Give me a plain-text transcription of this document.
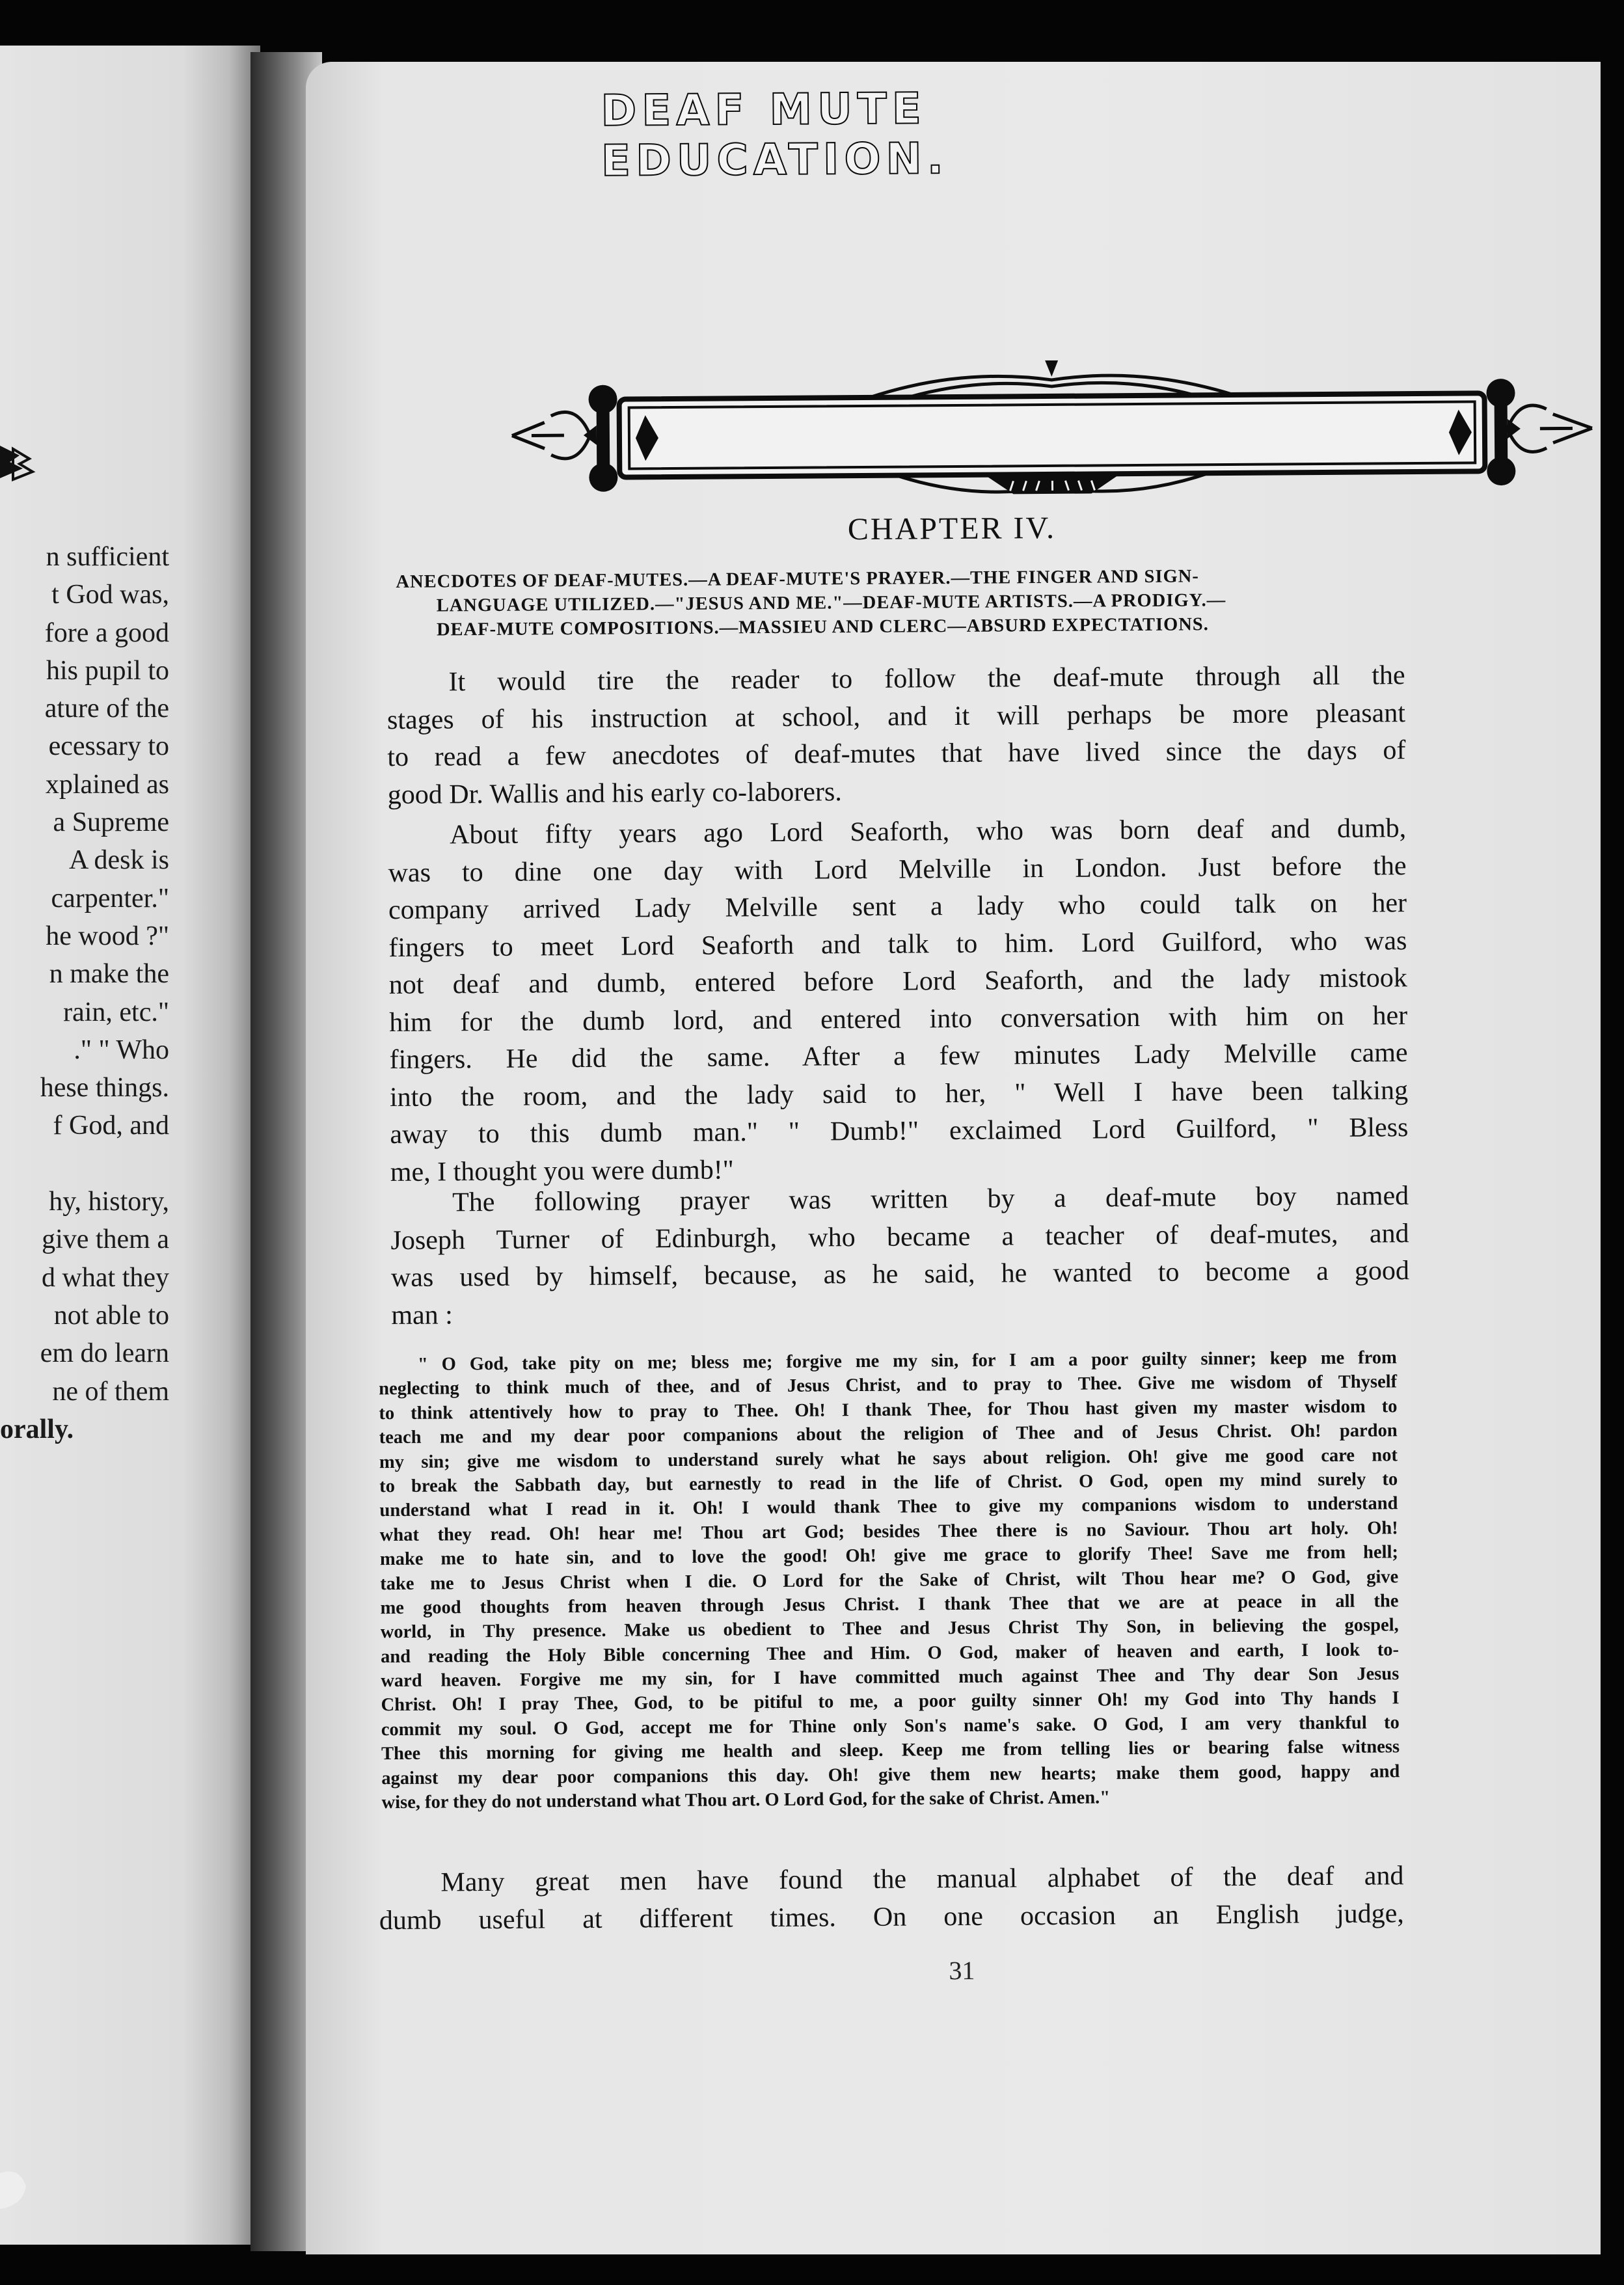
n sufficient
t God was,
fore a good
his pupil to
ature of the
ecessary to
xplained as
a Supreme
A desk is
carpenter."
he wood ?"
n make the
rain, etc."
." " Who
hese things.
f God, and
hy, history,
give them a
d what they
not able to
em do learn
ne of them
orally.
DEAF MUTE EDUCATION.
CHAPTER IV.
ANECDOTES OF DEAF-MUTES.—A DEAF-MUTE'S PRAYER.—THE FINGER AND SIGN-
LANGUAGE UTILIZED.—"JESUS AND ME."—DEAF-MUTE ARTISTS.—A PRODIGY.—
DEAF-MUTE COMPOSITIONS.—MASSIEU AND CLERC—ABSURD EXPECTATIONS.
It would tire the reader to follow the deaf-mute through all the
stages of his instruction at school, and it will perhaps be more pleasant
to read a few anecdotes of deaf-mutes that have lived since the days of
good Dr. Wallis and his early co-laborers.
About fifty years ago Lord Seaforth, who was born deaf and dumb,
was to dine one day with Lord Melville in London. Just before the
company arrived Lady Melville sent a lady who could talk on her
fingers to meet Lord Seaforth and talk to him. Lord Guilford, who was
not deaf and dumb, entered before Lord Seaforth, and the lady mistook
him for the dumb lord, and entered into conversation with him on her
fingers. He did the same. After a few minutes Lady Melville came
into the room, and the lady said to her, " Well I have been talking
away to this dumb man." " Dumb!" exclaimed Lord Guilford, " Bless
me, I thought you were dumb!"
The following prayer was written by a deaf-mute boy named
Joseph Turner of Edinburgh, who became a teacher of deaf-mutes, and
was used by himself, because, as he said, he wanted to become a good
man :
" O God, take pity on me; bless me; forgive me my sin, for I am a poor guilty sinner; keep me from
neglecting to think much of thee, and of Jesus Christ, and to pray to Thee. Give me wisdom of Thyself
to think attentively how to pray to Thee. Oh! I thank Thee, for Thou hast given my master wisdom to
teach me and my dear poor companions about the religion of Thee and of Jesus Christ. Oh! pardon
my sin; give me wisdom to understand surely what he says about religion. Oh! give me good care not
to break the Sabbath day, but earnestly to read in the life of Christ. O God, open my mind surely to
understand what I read in it. Oh! I would thank Thee to give my companions wisdom to understand
what they read. Oh! hear me! Thou art God; besides Thee there is no Saviour. Thou art holy. Oh!
make me to hate sin, and to love the good! Oh! give me grace to glorify Thee! Save me from hell;
take me to Jesus Christ when I die. O Lord for the Sake of Christ, wilt Thou hear me? O God, give
me good thoughts from heaven through Jesus Christ. I thank Thee that we are at peace in all the
world, in Thy presence. Make us obedient to Thee and Jesus Christ Thy Son, in believing the gospel,
and reading the Holy Bible concerning Thee and Him. O God, maker of heaven and earth, I look to-
ward heaven. Forgive me my sin, for I have committed much against Thee and Thy dear Son Jesus
Christ. Oh! I pray Thee, God, to be pitiful to me, a poor guilty sinner Oh! my God into Thy hands I
commit my soul. O God, accept me for Thine only Son's name's sake. O God, I am very thankful to
Thee this morning for giving me health and sleep. Keep me from telling lies or bearing false witness
against my dear poor companions this day. Oh! give them new hearts; make them good, happy and
wise, for they do not understand what Thou art. O Lord God, for the sake of Christ. Amen."
Many great men have found the manual alphabet of the deaf and
dumb useful at different times. On one occasion an English judge,
31
